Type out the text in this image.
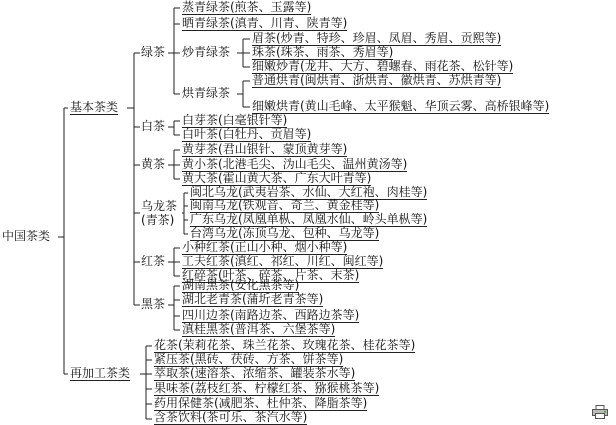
中国茶类
基本茶类
再加工茶类
绿茶
蒸青绿茶(煎茶、玉露等)
晒青绿茶(滇青、川青、陕青等)
炒青绿茶
眉茶(炒青、特珍、珍眉、凤眉、秀眉、贡熙等)
珠茶(珠茶、雨茶、秀眉等)
细嫩炒青(龙井、大方、碧螺春、雨花茶、松针等)
烘青绿茶
普通烘青(闽烘青、浙烘青、徽烘青、苏烘青等)
细嫩烘青(黄山毛峰、太平猴魁、华顶云雾、高桥银峰等)
白茶 白芽茶(白毫银针等)
白叶茶(白牡丹、贡眉等)
黄茶
黄芽茶(君山银针、蒙顶黄芽等)
黄小茶(北港毛尖、沩山毛尖、温州黄汤等)
黄大茶(霍山黄大茶、广东大叶青等)
乌龙茶
(青茶)
闽北乌龙(武夷岩茶、水仙、大红袍、肉桂等)
闽南乌龙(铁观音、奇兰、黄金桂等)
广东乌龙(凤凰单枞、凤凰水仙、岭头单枞等)
台湾乌龙(冻顶乌龙、包种、乌龙等)
红茶
小种红茶(正山小种、烟小种等)
工夫红茶(滇红、祁红、川红、闽红等)
红碎茶(叶茶、碎茶、片茶、末茶)
黑茶
湖南黑茶(安化黑茶等)
湖北老青茶(蒲圻老青茶等)
四川边茶(南路边茶、西路边茶等)
滇桂黑茶(普洱茶、六堡茶等)
花茶(茉莉花茶、珠兰花茶、玫瑰花茶、桂花茶等)
紧压茶(黑砖、茯砖、方茶、饼茶等)
萃取茶(速溶茶、浓缩茶、罐装茶水等)
果味茶(荔枝红茶、柠檬红茶、猕猴桃茶等)
药用保健茶(减肥茶、杜仲茶、降脂茶等)
含茶饮料(茶可乐、茶汽水等)
